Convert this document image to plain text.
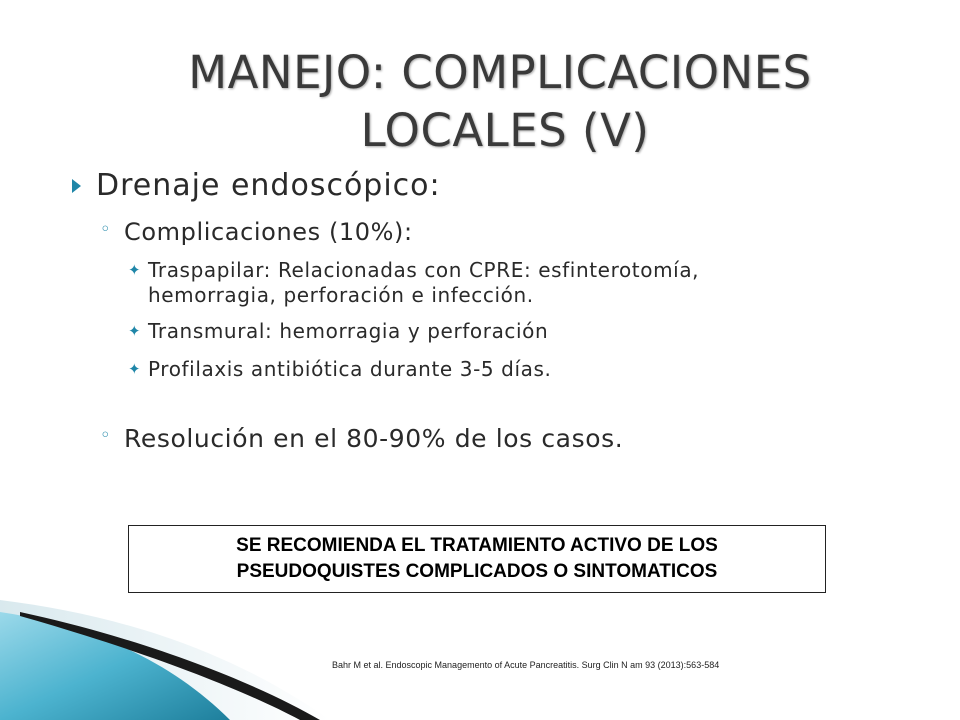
MANEJO: COMPLICACIONES
LOCALES (V)
Drenaje endoscópico:
◦ Complicaciones (10%):
✦ Traspapilar: Relacionadas con CPRE: esfinterotomía,
hemorragia, perforación e infección.
✦ Transmural: hemorragia y perforación
✦ Profilaxis antibiótica durante 3-5 días.
◦ Resolución en el 80-90% de los casos.
SE RECOMIENDA EL TRATAMIENTO ACTIVO DE LOS
PSEUDOQUISTES COMPLICADOS O SINTOMATICOS
Bahr M et al. Endoscopic Managemento of Acute Pancreatitis. Surg Clin N am 93 (2013):563-584
